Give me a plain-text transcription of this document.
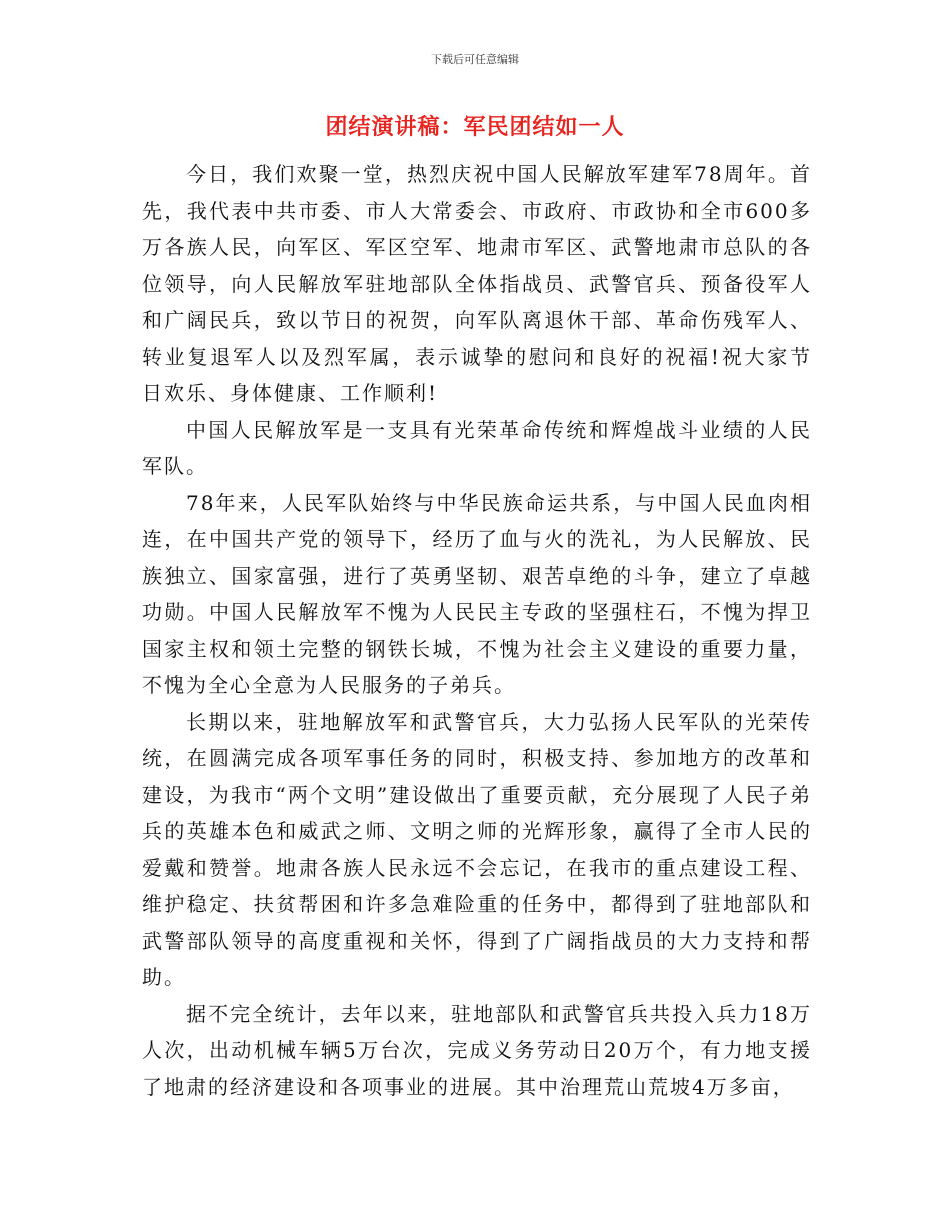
下载后可任意编辑
团结演讲稿：军民团结如一人

今日，我们欢聚一堂，热烈庆祝中国人民解放军建军78周年。首先，我代表中共市委、市人大常委会、市政府、市政协和全市600多万各族人民，向军区、军区空军、地肃市军区、武警地肃市总队的各位领导，向人民解放军驻地部队全体指战员、武警官兵、预备役军人和广阔民兵，致以节日的祝贺，向军队离退休干部、革命伤残军人、转业复退军人以及烈军属，表示诚挚的慰问和良好的祝福!祝大家节日欢乐、身体健康、工作顺利!

中国人民解放军是一支具有光荣革命传统和辉煌战斗业绩的人民军队。

78年来，人民军队始终与中华民族命运共系，与中国人民血肉相连，在中国共产党的领导下，经历了血与火的洗礼，为人民解放、民族独立、国家富强，进行了英勇坚韧、艰苦卓绝的斗争，建立了卓越功勋。中国人民解放军不愧为人民民主专政的坚强柱石，不愧为捍卫国家主权和领土完整的钢铁长城，不愧为社会主义建设的重要力量，不愧为全心全意为人民服务的子弟兵。

长期以来，驻地解放军和武警官兵，大力弘扬人民军队的光荣传统，在圆满完成各项军事任务的同时，积极支持、参加地方的改革和建设，为我市“两个文明”建设做出了重要贡献，充分展现了人民子弟兵的英雄本色和威武之师、文明之师的光辉形象，赢得了全市人民的爱戴和赞誉。地肃各族人民永远不会忘记，在我市的重点建设工程、维护稳定、扶贫帮困和许多急难险重的任务中，都得到了驻地部队和武警部队领导的高度重视和关怀，得到了广阔指战员的大力支持和帮助。

据不完全统计，去年以来，驻地部队和武警官兵共投入兵力18万人次，出动机械车辆5万台次，完成义务劳动日20万个，有力地支援了地肃的经济建设和各项事业的进展。其中治理荒山荒坡4万多亩，
